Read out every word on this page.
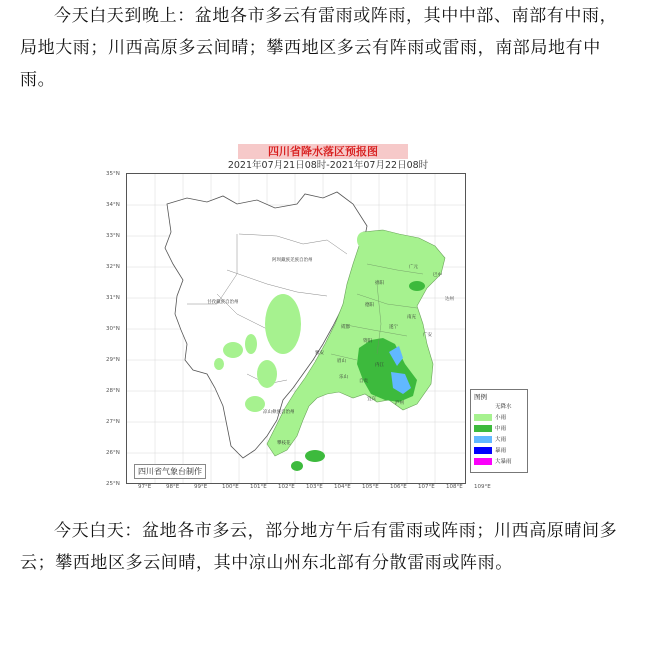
今天白天到晚上：盆地各市多云有雷雨或阵雨，其中中部、南部有中雨，局地大雨；川西高原多云间晴；攀西地区多云有阵雨或雷雨，南部局地有中雨。

四川省降水落区预报图
2021年07月21日08时-2021年07月22日08时
35°N
34°N
33°N
32°N
31°N
30°N
29°N
28°N
27°N
26°N
25°N	97°E	98°E	99°E	100°E 101°E 102°E 103°E 104°E 105°E 106°E 107°E 108°E 109°E
阿坝藏族羌族自治州
甘孜藏族自治州
凉山彝族自治州
攀枝花
广元
巴中
达州
绵阳
德阳
成都
雅安
眉山
乐山
宜宾
泸州
内江
遂宁
南充
广安
资阳
自贡
四川省气象台制作
图例
无降水
小雨
中雨
大雨
暴雨
大暴雨

今天白天：盆地各市多云，部分地方午后有雷雨或阵雨；川西高原晴间多云；攀西地区多云间晴，其中凉山州东北部有分散雷雨或阵雨。
